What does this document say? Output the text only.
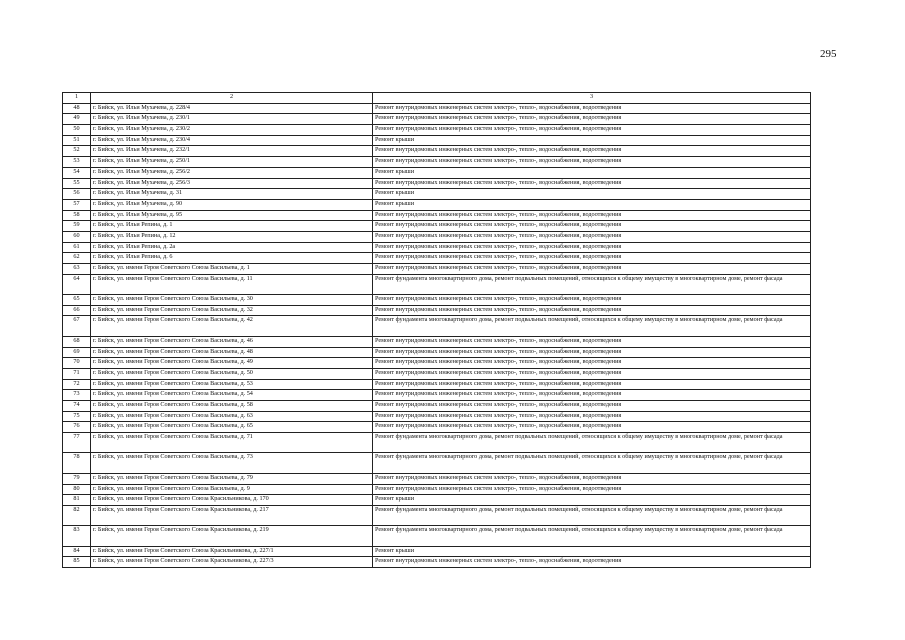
295
1	2	3
48	г. Бийск, ул. Ильи Мухачева, д. 228/4	Ремонт внутридомовых инженерных систем электро-, тепло-, водоснабжения, водоотведения
49	г. Бийск, ул. Ильи Мухачева, д. 230/1	Ремонт внутридомовых инженерных систем электро-, тепло-, водоснабжения, водоотведения
50	г. Бийск, ул. Ильи Мухачева, д. 230/2	Ремонт внутридомовых инженерных систем электро-, тепло-, водоснабжения, водоотведения
51	г. Бийск, ул. Ильи Мухачева, д. 230/4	Ремонт крыши
52	г. Бийск, ул. Ильи Мухачева, д. 232/1	Ремонт внутридомовых инженерных систем электро-, тепло-, водоснабжения, водоотведения
53	г. Бийск, ул. Ильи Мухачева, д. 250/1	Ремонт внутридомовых инженерных систем электро-, тепло-, водоснабжения, водоотведения
54	г. Бийск, ул. Ильи Мухачева, д. 256/2	Ремонт крыши
55	г. Бийск, ул. Ильи Мухачева, д. 256/3	Ремонт внутридомовых инженерных систем электро-, тепло-, водоснабжения, водоотведения
56	г. Бийск, ул. Ильи Мухачева, д. 31	Ремонт крыши
57	г. Бийск, ул. Ильи Мухачева, д. 90	Ремонт крыши
58	г. Бийск, ул. Ильи Мухачева, д. 95	Ремонт внутридомовых инженерных систем электро-, тепло-, водоснабжения, водоотведения
59	г. Бийск, ул. Ильи Репина, д. 1	Ремонт внутридомовых инженерных систем электро-, тепло-, водоснабжения, водоотведения
60	г. Бийск, ул. Ильи Репина, д. 12	Ремонт внутридомовых инженерных систем электро-, тепло-, водоснабжения, водоотведения
61	г. Бийск, ул. Ильи Репина, д. 2а	Ремонт внутридомовых инженерных систем электро-, тепло-, водоснабжения, водоотведения
62	г. Бийск, ул. Ильи Репина, д. 6	Ремонт внутридомовых инженерных систем электро-, тепло-, водоснабжения, водоотведения
63	г. Бийск, ул. имени Героя Советского Союза Васильева, д. 1	Ремонт внутридомовых инженерных систем электро-, тепло-, водоснабжения, водоотведения
64	г. Бийск, ул. имени Героя Советского Союза Васильева, д. 11	Ремонт фундамента многоквартирного дома, ремонт подвальных помещений, относящихся к общему имуществу в многоквартирном доме, ремонт фасада
65	г. Бийск, ул. имени Героя Советского Союза Васильева, д. 30	Ремонт внутридомовых инженерных систем электро-, тепло-, водоснабжения, водоотведения
66	г. Бийск, ул. имени Героя Советского Союза Васильева, д. 32	Ремонт внутридомовых инженерных систем электро-, тепло-, водоснабжения, водоотведения
67	г. Бийск, ул. имени Героя Советского Союза Васильева, д. 42	Ремонт фундамента многоквартирного дома, ремонт подвальных помещений, относящихся к общему имуществу в многоквартирном доме, ремонт фасада
68	г. Бийск, ул. имени Героя Советского Союза Васильева, д. 46	Ремонт внутридомовых инженерных систем электро-, тепло-, водоснабжения, водоотведения
69	г. Бийск, ул. имени Героя Советского Союза Васильева, д. 48	Ремонт внутридомовых инженерных систем электро-, тепло-, водоснабжения, водоотведения
70	г. Бийск, ул. имени Героя Советского Союза Васильева, д. 49	Ремонт внутридомовых инженерных систем электро-, тепло-, водоснабжения, водоотведения
71	г. Бийск, ул. имени Героя Советского Союза Васильева, д. 50	Ремонт внутридомовых инженерных систем электро-, тепло-, водоснабжения, водоотведения
72	г. Бийск, ул. имени Героя Советского Союза Васильева, д. 53	Ремонт внутридомовых инженерных систем электро-, тепло-, водоснабжения, водоотведения
73	г. Бийск, ул. имени Героя Советского Союза Васильева, д. 54	Ремонт внутридомовых инженерных систем электро-, тепло-, водоснабжения, водоотведения
74	г. Бийск, ул. имени Героя Советского Союза Васильева, д. 58	Ремонт внутридомовых инженерных систем электро-, тепло-, водоснабжения, водоотведения
75	г. Бийск, ул. имени Героя Советского Союза Васильева, д. 63	Ремонт внутридомовых инженерных систем электро-, тепло-, водоснабжения, водоотведения
76	г. Бийск, ул. имени Героя Советского Союза Васильева, д. 65	Ремонт внутридомовых инженерных систем электро-, тепло-, водоснабжения, водоотведения
77	г. Бийск, ул. имени Героя Советского Союза Васильева, д. 71	Ремонт фундамента многоквартирного дома, ремонт подвальных помещений, относящихся к общему имуществу в многоквартирном доме, ремонт фасада
78	г. Бийск, ул. имени Героя Советского Союза Васильева, д. 73	Ремонт фундамента многоквартирного дома, ремонт подвальных помещений, относящихся к общему имуществу в многоквартирном доме, ремонт фасада
79	г. Бийск, ул. имени Героя Советского Союза Васильева, д. 79	Ремонт внутридомовых инженерных систем электро-, тепло-, водоснабжения, водоотведения
80	г. Бийск, ул. имени Героя Советского Союза Васильева, д. 9	Ремонт внутридомовых инженерных систем электро-, тепло-, водоснабжения, водоотведения
81	г. Бийск, ул. имени Героя Советского Союза Красильникова, д. 170	Ремонт крыши
82	г. Бийск, ул. имени Героя Советского Союза Красильникова, д. 217	Ремонт фундамента многоквартирного дома, ремонт подвальных помещений, относящихся к общему имуществу в многоквартирном доме, ремонт фасада
83	г. Бийск, ул. имени Героя Советского Союза Красильникова, д. 219	Ремонт фундамента многоквартирного дома, ремонт подвальных помещений, относящихся к общему имуществу в многоквартирном доме, ремонт фасада
84	г. Бийск, ул. имени Героя Советского Союза Красильникова, д. 227/1	Ремонт крыши
85	г. Бийск, ул. имени Героя Советского Союза Красильникова, д. 227/3	Ремонт внутридомовых инженерных систем электро-, тепло-, водоснабжения, водоотведения
